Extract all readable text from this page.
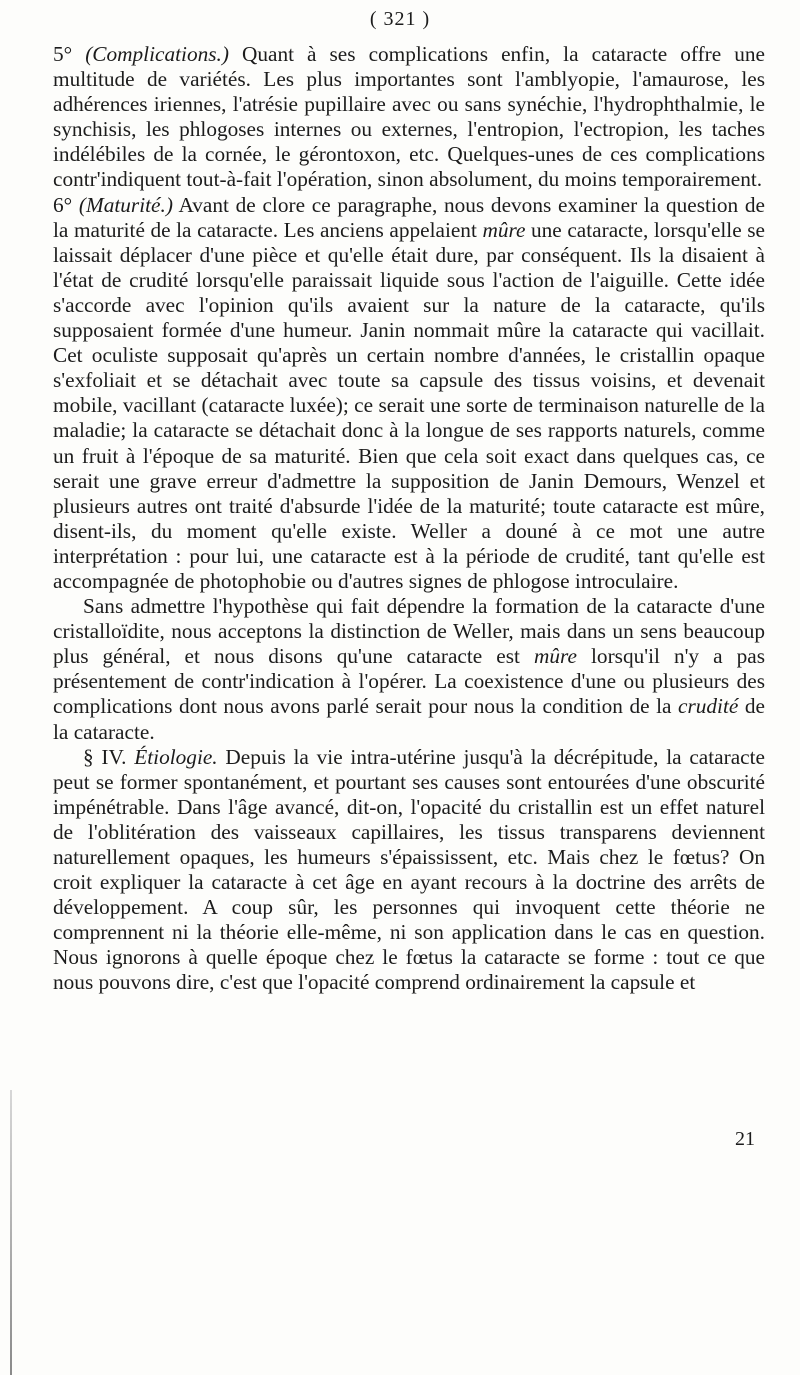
( 321 )

5° (Complications.) Quant à ses complications enfin, la cataracte offre une multitude de variétés. Les plus importantes sont l'amblyopie, l'amaurose, les adhérences iriennes, l'atrésie pupillaire avec ou sans synéchie, l'hydrophthalmie, le synchisis, les phlogoses internes ou externes, l'entropion, l'ectropion, les taches indélébiles de la cornée, le gérontoxon, etc. Quelques-unes de ces complications contr'indiquent tout-à-fait l'opération, sinon absolument, du moins temporairement.

6° (Maturité.) Avant de clore ce paragraphe, nous devons examiner la question de la maturité de la cataracte. Les anciens appelaient mûre une cataracte, lorsqu'elle se laissait déplacer d'une pièce et qu'elle était dure, par conséquent. Ils la disaient à l'état de crudité lorsqu'elle paraissait liquide sous l'action de l'aiguille. Cette idée s'accorde avec l'opinion qu'ils avaient sur la nature de la cataracte, qu'ils supposaient formée d'une humeur. Janin nommait mûre la cataracte qui vacillait. Cet oculiste supposait qu'après un certain nombre d'années, le cristallin opaque s'exfoliait et se détachait avec toute sa capsule des tissus voisins, et devenait mobile, vacillant (cataracte luxée); ce serait une sorte de terminaison naturelle de la maladie; la cataracte se détachait donc à la longue de ses rapports naturels, comme un fruit à l'époque de sa maturité. Bien que cela soit exact dans quelques cas, ce serait une grave erreur d'admettre la supposition de Janin Demours, Wenzel et plusieurs autres ont traité d'absurde l'idée de la maturité; toute cataracte est mûre, disent-ils, du moment qu'elle existe. Weller a douné à ce mot une autre interprétation : pour lui, une cataracte est à la période de crudité, tant qu'elle est accompagnée de photophobie ou d'autres signes de phlogose introculaire.

Sans admettre l'hypothèse qui fait dépendre la formation de la cataracte d'une cristalloïdite, nous acceptons la distinction de Weller, mais dans un sens beaucoup plus général, et nous disons qu'une cataracte est mûre lorsqu'il n'y a pas présentement de contr'indication à l'opérer. La coexistence d'une ou plusieurs des complications dont nous avons parlé serait pour nous la condition de la crudité de la cataracte.

§ IV. Étiologie. Depuis la vie intra-utérine jusqu'à la décrépitude, la cataracte peut se former spontanément, et pourtant ses causes sont entourées d'une obscurité impénétrable. Dans l'âge avancé, dit-on, l'opacité du cristallin est un effet naturel de l'oblitération des vaisseaux capillaires, les tissus transparens deviennent naturellement opaques, les humeurs s'épaississent, etc. Mais chez le fœtus? On croit expliquer la cataracte à cet âge en ayant recours à la doctrine des arrêts de développement. A coup sûr, les personnes qui invoquent cette théorie ne comprennent ni la théorie elle-même, ni son application dans le cas en question. Nous ignorons à quelle époque chez le fœtus la cataracte se forme : tout ce que nous pouvons dire, c'est que l'opacité comprend ordinairement la capsule et

21
